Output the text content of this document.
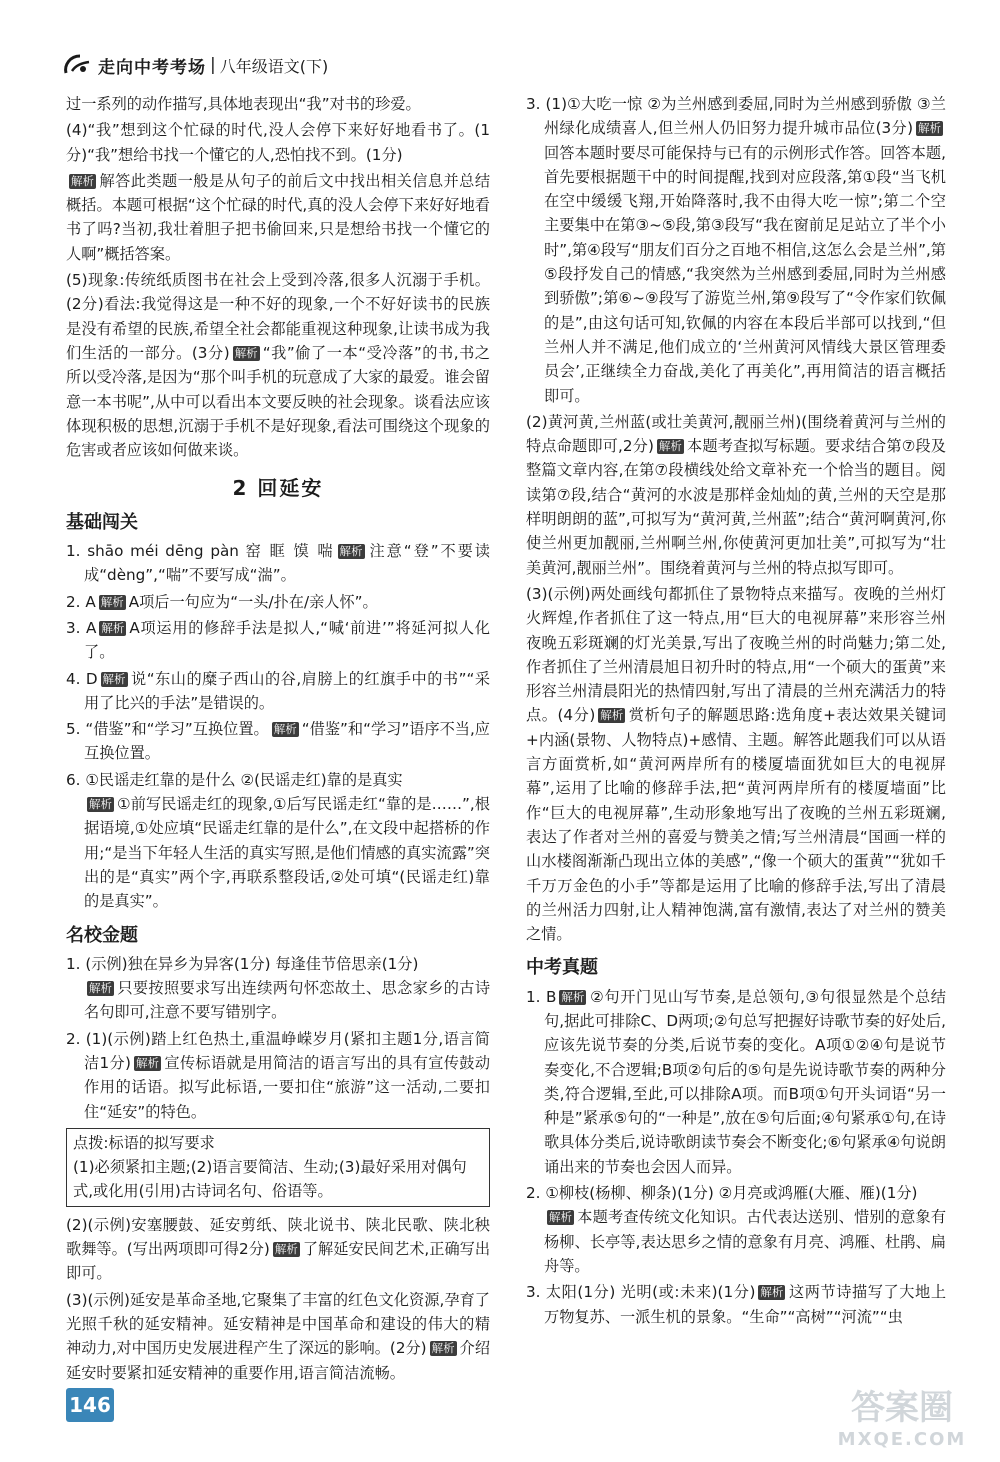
走向中考考场 | 八年级语文(下)

过一系列的动作描写,具体地表现出“我”对书的珍爱。

(4)“我”想到这个忙碌的时代,没人会停下来好好地看书了。(1分)“我”想给书找一个懂它的人,恐怕找不到。(1分)

解析 解答此类题一般是从句子的前后文中找出相关信息并总结概括。本题可根据“这个忙碌的时代,真的没人会停下来好好地看书了吗?当初,我壮着胆子把书偷回来,只是想给书找一个懂它的人啊”概括答案。

(5)现象:传统纸质图书在社会上受到冷落,很多人沉溺于手机。(2分)看法:我觉得这是一种不好的现象,一个不好好读书的民族是没有希望的民族,希望全社会都能重视这种现象,让读书成为我们生活的一部分。(3分) 解析 “我”偷了一本“受冷落”的书,书之所以受冷落,是因为“那个叫手机的玩意成了大家的最爱。谁会留意一本书呢”,从中可以看出本文要反映的社会现象。谈看法应该体现积极的思想,沉溺于手机不是好现象,看法可围绕这个现象的危害或者应该如何做来谈。

2 回延安
基础闯关

1. shāo méi dēng pàn 窑 眶 馍 喘 解析 注意“登”不要读成“dèng”,“喘”不要写成“湍”。

2. A 解析 A项后一句应为“一头/扑在/亲人怀”。

3. A 解析 A项运用的修辞手法是拟人,“喊‘前进’”将延河拟人化了。

4. D 解析 说“东山的糜子西山的谷,肩膀上的红旗手中的书”“采用了比兴的手法”是错误的。

5. “借鉴”和“学习”互换位置。 解析 “借鉴”和“学习”语序不当,应互换位置。

6. ①民谣走红靠的是什么 ②(民谣走红)靠的是真实
解析 ①前写民谣走红的现象,①后写民谣走红“靠的是……”,根据语境,①处应填“民谣走红靠的是什么”,在文段中起搭桥的作用;“是当下年轻人生活的真实写照,是他们情感的真实流露”突出的是“真实”两个字,再联系整段话,②处可填“(民谣走红)靠的是真实”。

名校金题

1. (示例)独在异乡为异客(1分) 每逢佳节倍思亲(1分)
解析 只要按照要求写出连续两句怀恋故土、思念家乡的古诗名句即可,注意不要写错别字。

2. (1)(示例)踏上红色热土,重温峥嵘岁月(紧扣主题1分,语言简洁1分) 解析 宣传标语就是用简洁的语言写出的具有宣传鼓动作用的话语。拟写此标语,一要扣住“旅游”这一活动,二要扣住“延安”的特色。

点拨:标语的拟写要求
(1)必须紧扣主题;(2)语言要简洁、生动;(3)最好采用对偶句式,或化用(引用)古诗词名句、俗语等。

(2)(示例)安塞腰鼓、延安剪纸、陕北说书、陕北民歌、陕北秧歌舞等。(写出两项即可得2分) 解析 了解延安民间艺术,正确写出即可。

(3)(示例)延安是革命圣地,它聚集了丰富的红色文化资源,孕育了光照千秋的延安精神。延安精神是中国革命和建设的伟大的精神动力,对中国历史发展进程产生了深远的影响。(2分) 解析 介绍延安时要紧扣延安精神的重要作用,语言简洁流畅。

3. (1)①大吃一惊 ②为兰州感到委屈,同时为兰州感到骄傲 ③兰州绿化成绩喜人,但兰州人仍旧努力提升城市品位(3分) 解析回答本题时要尽可能保持与已有的示例形式作答。回答本题,首先要根据题干中的时间提醒,找到对应段落,第①段“当飞机在空中缓缓飞翔,开始降落时,我不由得大吃一惊”;第二个空主要集中在第③~⑤段,第③段写“我在窗前足足站立了半个小时”,第④段写“朋友们百分之百地不相信,这怎么会是兰州”,第⑤段抒发自己的情感,“我突然为兰州感到委屈,同时为兰州感到骄傲”;第⑥~⑨段写了游览兰州,第⑨段写了“令作家们钦佩的是”,由这句话可知,钦佩的内容在本段后半部可以找到,“但兰州人并不满足,他们成立的‘兰州黄河风情线大景区管理委员会’,正继续全力奋战,美化了再美化”,再用简洁的语言概括即可。

(2)黄河黄,兰州蓝(或壮美黄河,靓丽兰州)(围绕着黄河与兰州的特点命题即可,2分) 解析 本题考查拟写标题。要求结合第⑦段及整篇文章内容,在第⑦段横线处给文章补充一个恰当的题目。阅读第⑦段,结合“黄河的水波是那样金灿灿的黄,兰州的天空是那样明朗朗的蓝”,可拟写为“黄河黄,兰州蓝”;结合“黄河啊黄河,你使兰州更加靓丽,兰州啊兰州,你使黄河更加壮美”,可拟写为“壮美黄河,靓丽兰州”。围绕着黄河与兰州的特点拟写即可。

(3)(示例)两处画线句都抓住了景物特点来描写。夜晚的兰州灯火辉煌,作者抓住了这一特点,用“巨大的电视屏幕”来形容兰州夜晚五彩斑斓的灯光美景,写出了夜晚兰州的时尚魅力;第二处,作者抓住了兰州清晨旭日初升时的特点,用“一个硕大的蛋黄”来形容兰州清晨阳光的热情四射,写出了清晨的兰州充满活力的特点。(4分) 解析 赏析句子的解题思路:选角度+表达效果关键词+内涵(景物、人物特点)+感情、主题。解答此题我们可以从语言方面赏析,如“黄河两岸所有的楼厦墙面犹如巨大的电视屏幕”,运用了比喻的修辞手法,把“黄河两岸所有的楼厦墙面”比作“巨大的电视屏幕”,生动形象地写出了夜晚的兰州五彩斑斓,表达了作者对兰州的喜爱与赞美之情;写兰州清晨“国画一样的山水楼阁渐渐凸现出立体的美感”,“像一个硕大的蛋黄”“犹如千千万万金色的小手”等都是运用了比喻的修辞手法,写出了清晨的兰州活力四射,让人精神饱满,富有激情,表达了对兰州的赞美之情。

中考真题

1. B 解析 ②句开门见山写节奏,是总领句,③句很显然是个总结句,据此可排除C、D两项;②句总写把握好诗歌节奏的好处后,应该先说节奏的分类,后说节奏的变化。A项①②④句是说节奏变化,不合逻辑;B项②句后的⑤句是先说诗歌节奏的两种分类,符合逻辑,至此,可以排除A项。而B项①句开头词语“另一种是”紧承⑤句的“一种是”,放在⑤句后面;④句紧承①句,在诗歌具体分类后,说诗歌朗读节奏会不断变化;⑥句紧承④句说朗诵出来的节奏也会因人而异。

2. ①柳枝(杨柳、柳条)(1分) ②月亮或鸿雁(大雁、雁)(1分)
解析 本题考查传统文化知识。古代表达送别、惜别的意象有杨柳、长亭等,表达思乡之情的意象有月亮、鸿雁、杜鹃、扁舟等。

3. 太阳(1分) 光明(或:未来)(1分) 解析 这两节诗描写了大地上万物复苏、一派生机的景象。“生命”“高树”“河流”“虫

146	答案圈
MXQE.COM
